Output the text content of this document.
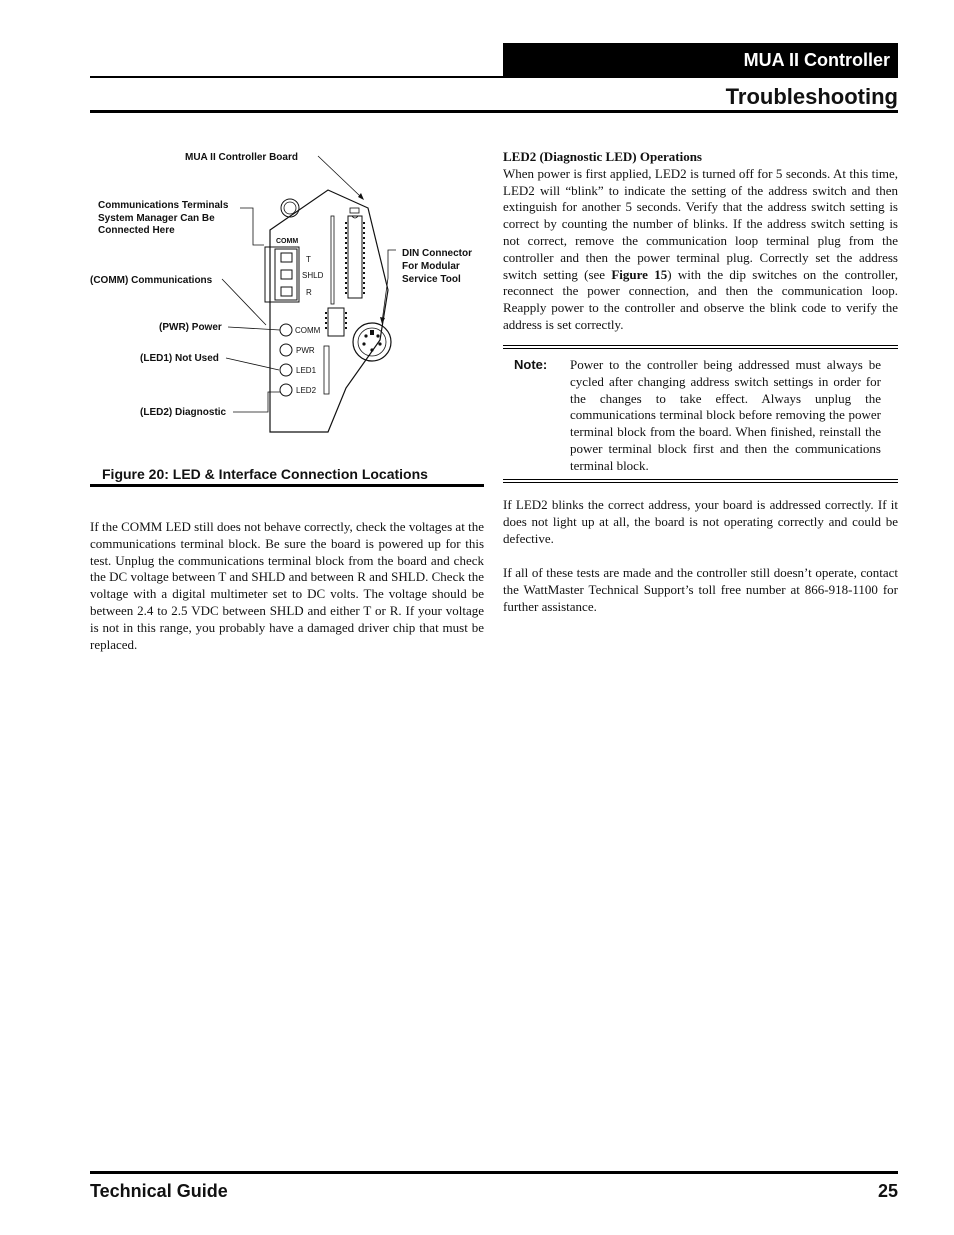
MUA II Controller
Troubleshooting
COMM
T
SHLD
R
COMM
PWR
LED1
LED2
MUA II Controller Board
Communications Terminals
System Manager Can Be
Connected Here
(COMM) Communications
(PWR) Power
(LED1) Not Used
(LED2) Diagnostic
DIN Connector
For Modular
Service Tool
Figure 20: LED & Interface Connection Locations
If the COMM LED still does not behave correctly, check the voltages at the communications terminal block. Be sure the board is powered up for this test. Unplug the communications terminal block from the board and check the DC voltage between T and SHLD and between R and SHLD. Check the voltage with a digital multimeter set to DC volts. The voltage should be between 2.4 to 2.5 VDC between SHLD and either T or R. If your voltage is not in this range, you probably have a damaged driver chip that must be replaced.
LED2 (Diagnostic LED) Operations
When power is first applied, LED2 is turned off for 5 seconds. At this time, LED2 will “blink” to indicate the setting of the address switch and then extinguish for another 5 seconds. Verify that the address switch setting is correct by counting the number of blinks. If the address switch setting is not correct, remove the communication loop terminal plug from the controller and then the power terminal plug. Correctly set the address switch setting (see Figure 15) with the dip switches on the controller, reconnect the power connection, and then the communication loop. Reapply power to the controller and observe the blink code to verify the address is set correctly.
Note: Power to the controller being addressed must always be cycled after changing address switch settings in order for the changes to take effect. Always unplug the communications terminal block before removing the power terminal block from the board. When finished, reinstall the power terminal block first and then the communications terminal block.
If LED2 blinks the correct address, your board is addressed correctly. If it does not light up at all, the board is not operating correctly and could be defective.
If all of these tests are made and the controller still doesn’t operate, contact the WattMaster Technical Support’s toll free number at 866-918-1100 for further assistance.
Technical Guide	25
